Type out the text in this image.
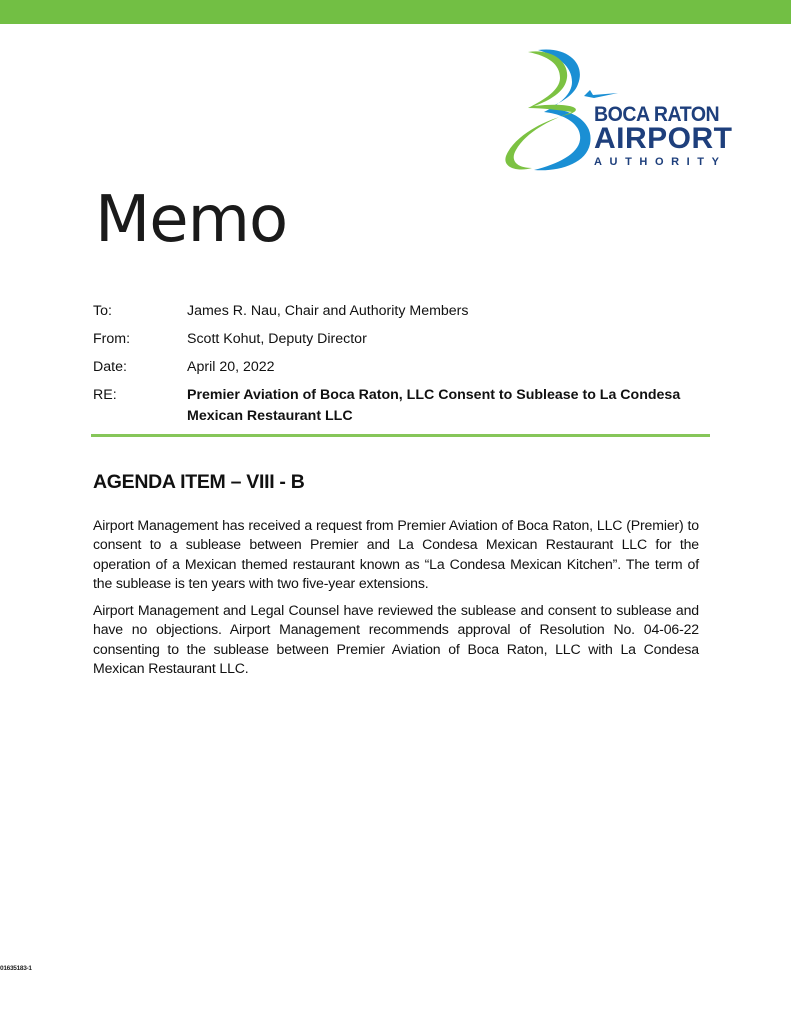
BOCA RATON
AIRPORT
AUTHORITY
Memo
To:	James R. Nau, Chair and Authority Members
From:	Scott Kohut, Deputy Director
Date:	April 20, 2022
RE:	Premier Aviation of Boca Raton, LLC Consent to Sublease to La Condesa Mexican Restaurant LLC
AGENDA ITEM – VIII - B

Airport Management has received a request from Premier Aviation of Boca Raton, LLC (Premier) to consent to a sublease between Premier and La Condesa Mexican Restaurant LLC for the operation of a Mexican themed restaurant known as “La Condesa Mexican Kitchen”. The term of the sublease is ten years with two five-year extensions.

Airport Management and Legal Counsel have reviewed the sublease and consent to sublease and have no objections. Airport Management recommends approval of Resolution No. 04-06-22 consenting to the sublease between Premier Aviation of Boca Raton, LLC with La Condesa Mexican Restaurant LLC.

01635183-1
